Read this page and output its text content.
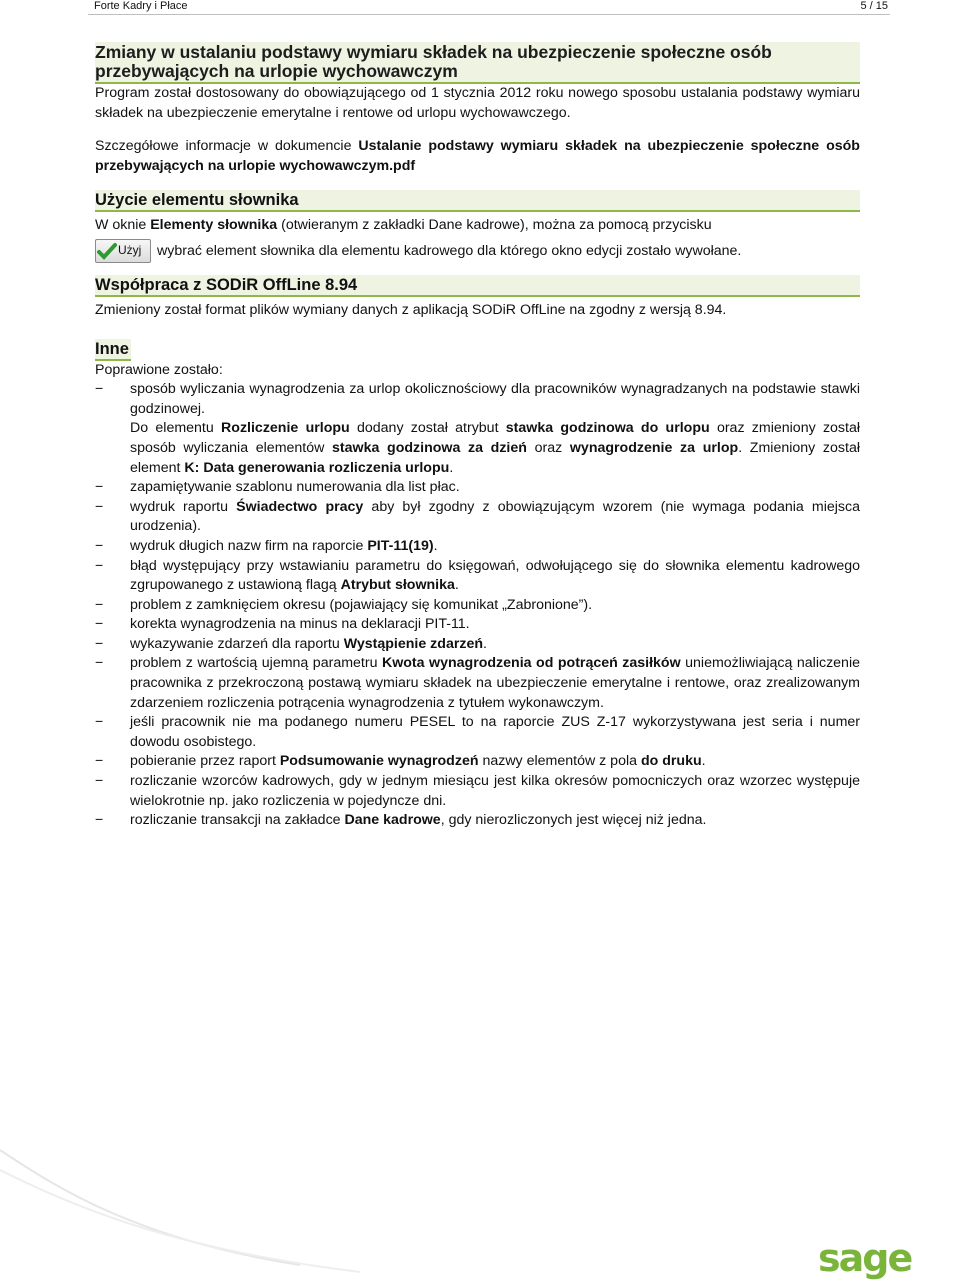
Forte Kadry i Płace	5 / 15
Zmiany w ustalaniu podstawy wymiaru składek na ubezpieczenie społeczne osób przebywających na urlopie wychowawczym

Program został dostosowany do obowiązującego od 1 stycznia 2012 roku nowego sposobu ustalania podstawy wymiaru składek na ubezpieczenie emerytalne i rentowe od urlopu wychowawczego.

Szczegółowe informacje w dokumencie Ustalanie podstawy wymiaru składek na ubezpieczenie społeczne osób przebywających na urlopie wychowawczym.pdf

Użycie elementu słownika

W oknie Elementy słownika (otwieranym z zakładki Dane kadrowe), można za pomocą przycisku

Użyj wybrać element słownika dla elementu kadrowego dla którego okno edycji zostało wywołane.

Współpraca z SODiR OffLine 8.94

Zmieniony został format plików wymiany danych z aplikacją SODiR OffLine na zgodny z wersją 8.94.

Inne

Poprawione zostało:

− sposób wyliczania wynagrodzenia za urlop okolicznościowy dla pracowników wynagradzanych na podstawie stawki godzinowej.

Do elementu Rozliczenie urlopu dodany został atrybut stawka godzinowa do urlopu oraz zmieniony został sposób wyliczania elementów stawka godzinowa za dzień oraz wynagrodzenie za urlop. Zmieniony został element K: Data generowania rozliczenia urlopu.

− zapamiętywanie szablonu numerowania dla list płac.
− wydruk raportu Świadectwo pracy aby był zgodny z obowiązującym wzorem (nie wymaga podania miejsca urodzenia).
− wydruk długich nazw firm na raporcie PIT-11(19).
− błąd występujący przy wstawianiu parametru do księgowań, odwołującego się do słownika elementu kadrowego zgrupowanego z ustawioną flagą Atrybut słownika.
− problem z zamknięciem okresu (pojawiający się komunikat „Zabronione”).
− korekta wynagrodzenia na minus na deklaracji PIT-11.
− wykazywanie zdarzeń dla raportu Wystąpienie zdarzeń.
− problem z wartością ujemną parametru Kwota wynagrodzenia od potrąceń zasiłków uniemożliwiającą naliczenie pracownika z przekroczoną postawą wymiaru składek na ubezpieczenie emerytalne i rentowe, oraz zrealizowanym zdarzeniem rozliczenia potrącenia wynagrodzenia z tytułem wykonawczym.
− jeśli pracownik nie ma podanego numeru PESEL to na raporcie ZUS Z-17 wykorzystywana jest seria i numer dowodu osobistego.
− pobieranie przez raport Podsumowanie wynagrodzeń nazwy elementów z pola do druku.
− rozliczanie wzorców kadrowych, gdy w jednym miesiącu jest kilka okresów pomocniczych oraz wzorzec występuje wielokrotnie np. jako rozliczenia w pojedyncze dni.
− rozliczanie transakcji na zakładce Dane kadrowe, gdy nierozliczonych jest więcej niż jedna.
sage
